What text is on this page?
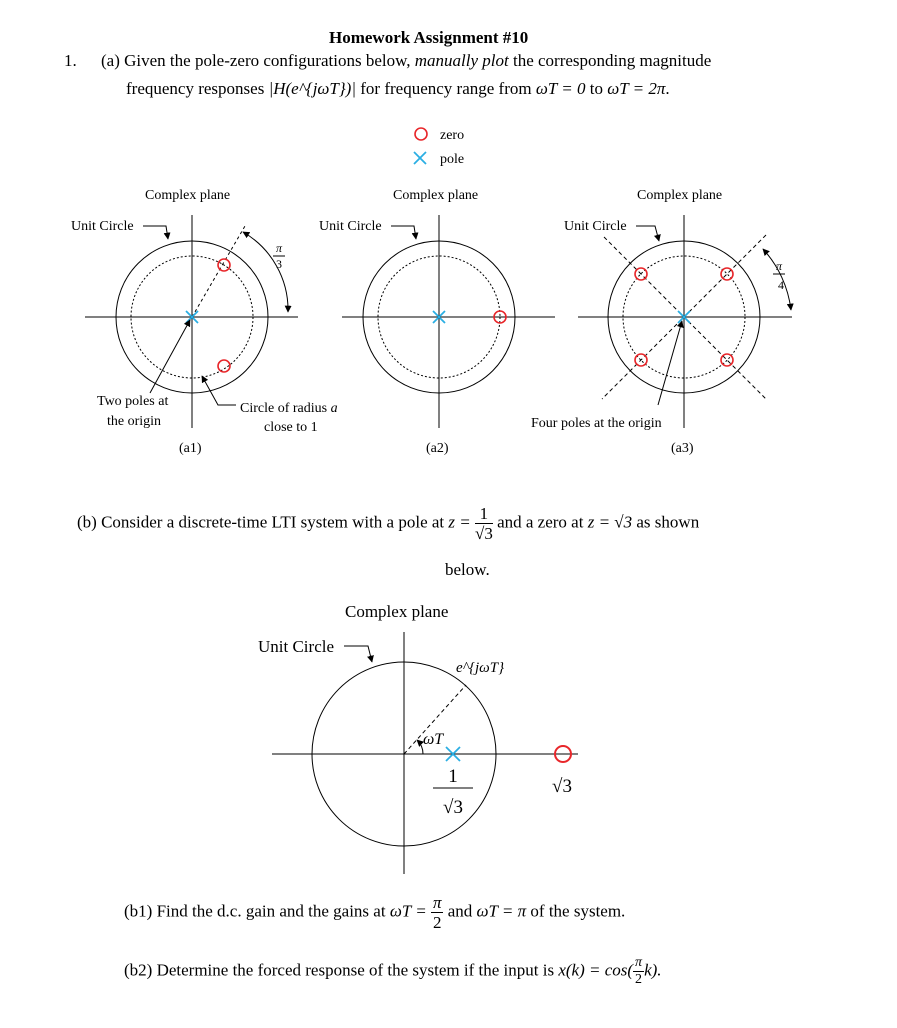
Homework Assignment #10
1. (a) Given the pole-zero configurations below, manually plot the corresponding magnitude
frequency responses |H(e^{jωT})| for frequency range from ωT = 0 to ωT = 2π.
zero
pole
Complex plane
Unit Circle
π
3
Two poles at
the origin
Circle of radius a
close to 1
(a1)
Complex plane
Unit Circle
(a2)
Complex plane
Unit Circle
π
4
Four poles at the origin
(a3)
(b) Consider a discrete-time LTI system with a pole at $z = \frac{1}{√3}$ and a zero at z = √3 as shown
below.
Complex plane
Unit Circle
e^{jωT}
ωT
1
√3
√3
(b1) Find the d.c. gain and the gains at $\omega T = \frac{\pi}{2}$ and ωT = π of the system.
(b2) Determine the forced response of the system if the input is $x(k) = \cos( \frac{\pi}{2} k)$.
